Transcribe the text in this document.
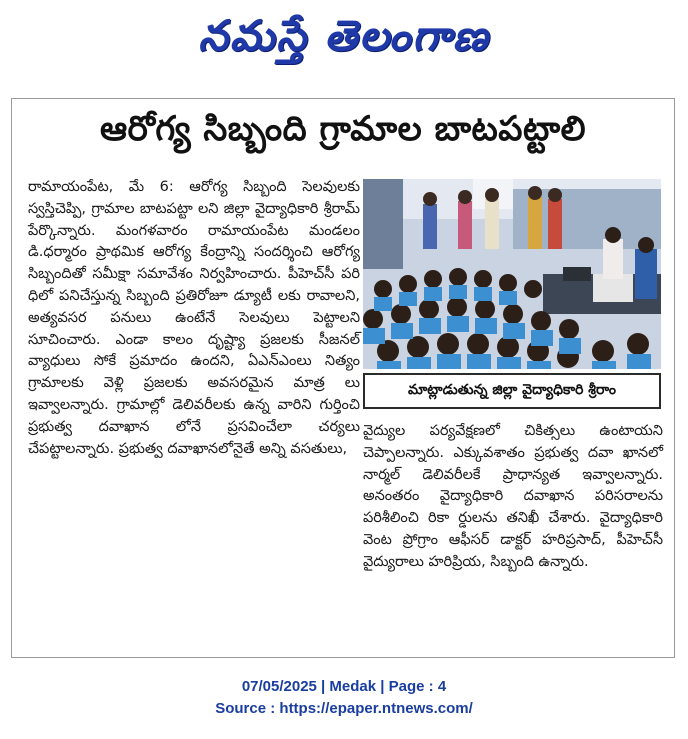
నమస్తే తెలంగాణ
ఆరోగ్య సిబ్బంది గ్రామాల బాటపట్టాలి

రామాయంపేట, మే 6: ఆరోగ్య సిబ్బంది సెలవులకు స్వస్తిచెప్పి, గ్రామాల బాటపట్టా లని జిల్లా వైద్యాధికారి శ్రీరామ్ పేర్కొన్నారు. మంగళవారం రామాయంపేట మండలం డి.ధర్మారం ప్రాథమిక ఆరోగ్య కేంద్రాన్ని సందర్శించి ఆరోగ్య సిబ్బందితో సమీక్షా సమావేశం నిర్వహించారు. పీహెచ్‌సీ పరి ధిలో పనిచేస్తున్న సిబ్బంది ప్రతిరోజూ డ్యూటీ లకు రావాలని, అత్యవసర పనులు ఉంటేనే సెలవులు పెట్టాలని సూచించారు. ఎండా కాలం దృష్ట్యా ప్రజలకు సీజనల్ వ్యాధులు సోకే ప్రమాదం ఉందని, ఏఎన్‌ఎంలు నిత్యం గ్రామాలకు వెళ్లి ప్రజలకు అవసరమైన మాత్ర లు ఇవ్వాలన్నారు. గ్రామాల్లో డెలివరీలకు ఉన్న వారిని గుర్తించి ప్రభుత్వ దవాఖాన లోనే ప్రసవించేలా చర్యలు చేపట్టాలన్నారు. ప్రభుత్వ దవాఖానలోనైతే అన్ని వసతులు,

మాట్లాడుతున్న జిల్లా వైద్యాధికారి శ్రీరాం

వైద్యుల పర్యవేక్షణలో చికిత్సలు ఉంటాయని చెప్పాలన్నారు. ఎక్కువశాతం ప్రభుత్వ దవా ఖానలో నార్మల్ డెలివరీలకే ప్రాధాన్యత ఇవ్వాలన్నారు. అనంతరం వైద్యాధికారి దవాఖాన పరిసరాలను పరిశీలించి రికా ర్డులను తనిఖీ చేశారు. వైద్యాధికారి వెంట ప్రోగ్రాం ఆఫీసర్ డాక్టర్ హరిప్రసాద్, పీహెచ్‌సీ వైద్యురాలు హరిప్రియ, సిబ్బంది ఉన్నారు.

07/05/2025 | Medak | Page : 4
Source : https://epaper.ntnews.com/
